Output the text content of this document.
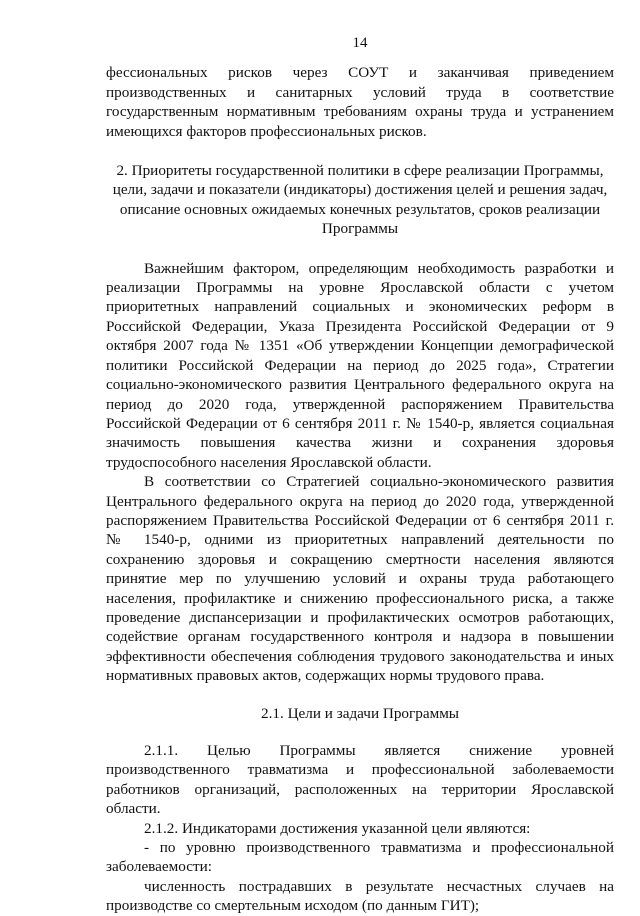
14

фессиональных рисков через СОУТ и заканчивая приведением производственных и санитарных условий труда в соответствие государственным нормативным требованиям охраны труда и устранением имеющихся факторов профессиональных рисков.

2. Приоритеты государственной политики в сфере реализации Программы, цели, задачи и показатели (индикаторы) достижения целей и решения задач, описание основных ожидаемых конечных результатов, сроков реализации Программы

Важнейшим фактором, определяющим необходимость разработки и реализации Программы на уровне Ярославской области с учетом приоритетных направлений социальных и экономических реформ в Российской Федерации, Указа Президента Российской Федерации от 9 октября 2007 года № 1351 «Об утверждении Концепции демографической политики Российской Федерации на период до 2025 года», Стратегии социально-экономического развития Центрального федерального округа на период до 2020 года, утвержденной распоряжением Правительства Российской Федерации от 6 сентября 2011 г. № 1540-р, является социальная значимость повышения качества жизни и сохранения здоровья трудоспособного населения Ярославской области.

В соответствии со Стратегией социально-экономического развития Центрального федерального округа на период до 2020 года, утвержденной распоряжением Правительства Российской Федерации от 6 сентября 2011 г. № 1540-р, одними из приоритетных направлений деятельности по сохранению здоровья и сокращению смертности населения являются принятие мер по улучшению условий и охраны труда работающего населения, профилактике и снижению профессионального риска, а также проведение диспансеризации и профилактических осмотров работающих, содействие органам государственного контроля и надзора в повышении эффективности обеспечения соблюдения трудового законодательства и иных нормативных правовых актов, содержащих нормы трудового права.

2.1. Цели и задачи Программы

2.1.1. Целью Программы является снижение уровней производственного травматизма и профессиональной заболеваемости работников организаций, расположенных на территории Ярославской области.

2.1.2. Индикаторами достижения указанной цели являются:

- по уровню производственного травматизма и профессиональной заболеваемости:

численность пострадавших в результате несчастных случаев на производстве со смертельным исходом (по данным ГИТ);
